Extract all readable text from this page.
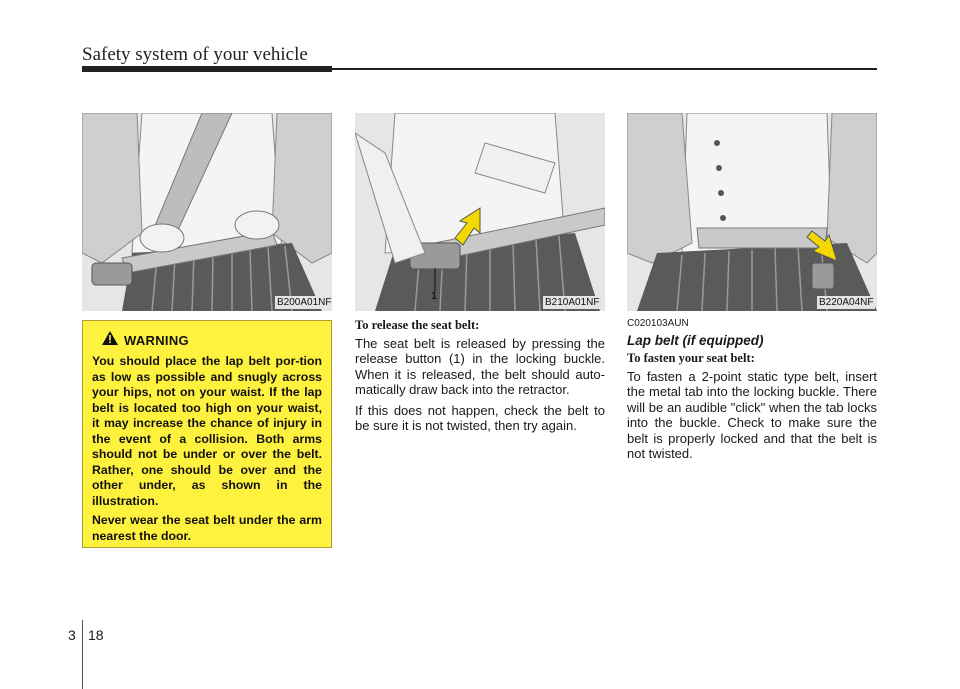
Safety system of your vehicle
B200A01NF
1
B210A01NF	B220A04NF
WARNING

You should place the lap belt por-tion as low as possible and snugly across your hips, not on your waist. If the lap belt is located too high on your waist, it may increase the chance of injury in the event of a collision. Both arms should not be under or over the belt. Rather, one should be over and the other under, as shown in the illustration.

Never wear the seat belt under the arm nearest the door.

To release the seat belt:

The seat belt is released by pressing the release button (1) in the locking buckle. When it is released, the belt should auto-matically draw back into the retractor.

If this does not happen, check the belt to be sure it is not twisted, then try again.

C020103AUN
Lap belt (if equipped)
To fasten your seat belt:

To fasten a 2-point static type belt, insert the metal tab into the locking buckle. There will be an audible "click" when the tab locks into the buckle. Check to make sure the belt is properly locked and that the belt is not twisted.

3 18
